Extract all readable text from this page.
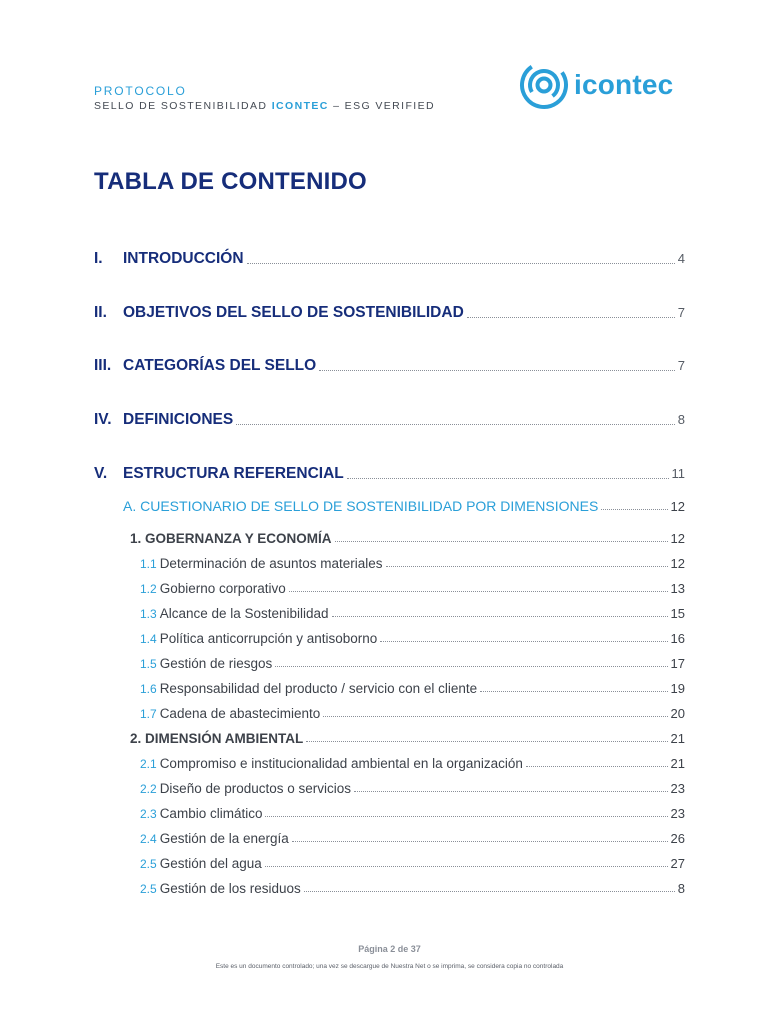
PROTOCOLO
SELLO DE SOSTENIBILIDAD ICONTEC – ESG VERIFIED
icontec
TABLA DE CONTENIDO
I.	INTRODUCCIÓN	4
II.	OBJETIVOS DEL SELLO DE SOSTENIBILIDAD	7
III. CATEGORÍAS DEL SELLO	7
IV. DEFINICIONES	8
V.	ESTRUCTURA REFERENCIAL	11
A. CUESTIONARIO DE SELLO DE SOSTENIBILIDAD POR DIMENSIONES	12
1. GOBERNANZA Y ECONOMÍA	12
1.1 Determinación de asuntos materiales	12
1.2 Gobierno corporativo	13
1.3 Alcance de la Sostenibilidad	15
1.4 Política anticorrupción y antisoborno	16
1.5 Gestión de riesgos	17
1.6 Responsabilidad del producto / servicio con el cliente	19
1.7 Cadena de abastecimiento	20
2. DIMENSIÓN AMBIENTAL	21
2.1 Compromiso e institucionalidad ambiental en la organización	21
2.2 Diseño de productos o servicios	23
2.3 Cambio climático	23
2.4 Gestión de la energía	26
2.5 Gestión del agua	27
2.5 Gestión de los residuos	8
Página 2 de 37
Este es un documento controlado; una vez se descargue de Nuestra Net o se imprima, se considera copia no controlada
